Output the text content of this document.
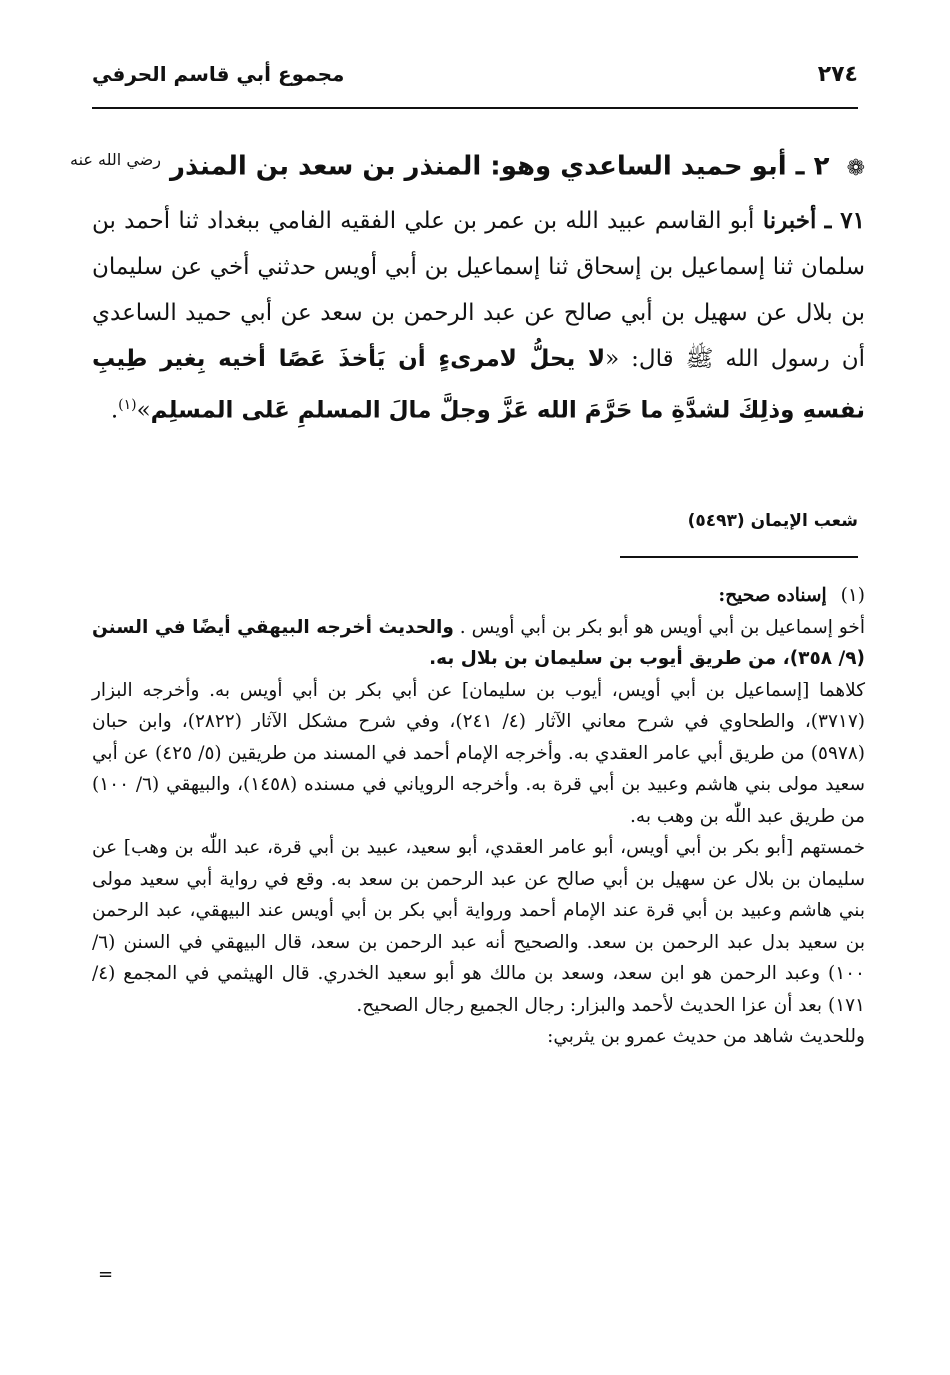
٢٧٤
مجموع أبي قاسم الحرفي
❁ ٢ ـ أبو حميد الساعدي وهو: المنذر بن سعد بن المنذر $^{رضي الله عنه}$
٧١ ـ أخبرنا أبو القاسم عبيد الله بن عمر بن علي الفقيه الفامي ببغداد ثنا أحمد بن سلمان ثنا إسماعيل بن إسحاق ثنا إسماعيل بن أبي أويس حدثني أخي عن سليمان بن بلال عن سهيل بن أبي صالح عن عبد الرحمن بن سعد عن أبي حميد الساعدي أن رسول الله ﷺ قال: «لا يحلُّ لامرىءٍ أن يَأخذَ عَصًا أخيه بِغير طِيبِ نفسهِ وذلِكَ لشدَّةِ ما حَرَّمَ الله عَزَّ وجلَّ مالَ المسلمِ عَلى المسلِم»$^{(١)}$.
شعب الإيمان (٥٤٩٣)
(١)إسناده صحيح:

أخو إسماعيل بن أبي أويس هو أبو بكر بن أبي أويس . والحديث أخرجه البيهقي أيضًا في السنن (٩/ ٣٥٨)، من طريق أيوب بن سليمان بن بلال به.

كلاهما [إسماعيل بن أبي أويس، أيوب بن سليمان] عن أبي بكر بن أبي أويس به. وأخرجه البزار (٣٧١٧)، والطحاوي في شرح معاني الآثار (٤/ ٢٤١)، وفي شرح مشكل الآثار (٢٨٢٢)، وابن حبان (٥٩٧٨) من طريق أبي عامر العقدي به. وأخرجه الإمام أحمد في المسند من طريقين (٥/ ٤٢٥) عن أبي سعيد مولى بني هاشم وعبيد بن أبي قرة به. وأخرجه الروياني في مسنده (١٤٥٨)، والبيهقي (٦/ ١٠٠) من طريق عبد اللّٰه بن وهب به.

خمستهم [أبو بكر بن أبي أويس، أبو عامر العقدي، أبو سعيد، عبيد بن أبي قرة، عبد اللّٰه بن وهب] عن سليمان بن بلال عن سهيل بن أبي صالح عن عبد الرحمن بن سعد به. وقع في رواية أبي سعيد مولى بني هاشم وعبيد بن أبي قرة عند الإمام أحمد ورواية أبي بكر بن أبي أويس عند البيهقي، عبد الرحمن بن سعيد بدل عبد الرحمن بن سعد. والصحيح أنه عبد الرحمن بن سعد، قال البيهقي في السنن (٦/ ١٠٠) وعبد الرحمن هو ابن سعد، وسعد بن مالك هو أبو سعيد الخدري. قال الهيثمي في المجمع (٤/ ١٧١) بعد أن عزا الحديث لأحمد والبزار: رجال الجميع رجال الصحيح.

وللحديث شاهد من حديث عمرو بن يثربي:

=
